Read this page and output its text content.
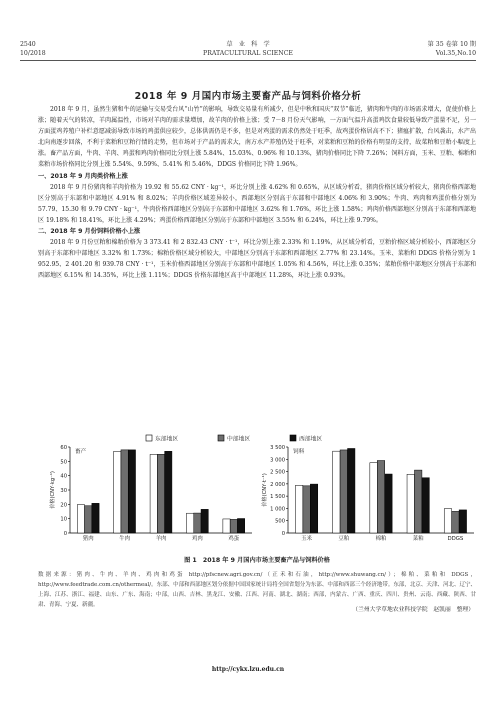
2540
10/2018
草　业　科　学
PRATACULTURAL SCIENCE
第 35 卷第 10 期
Vol.35,No.10
2018 年 9 月国内市场主要畜产品与饲料价格分析

2018 年 9 月，虽然生猪和牛的运输与交易受台风“山竹”的影响，导致交易量有所减少，但是中秋和国庆“双节”临近，猪肉和牛肉的市场需求增大，促使价格上涨；随着天气的转凉，羊肉属温性，市场对羊肉的需求量增加，故羊肉的价格上涨；受 7－8 月份天气影响，一方面气温升高蛋鸡饮食量较低导致产蛋量不足，另一方面蛋鸡养殖户补栏意愿减弱导致市场的鸡蛋供应较少，总体供需仍是不多，但是对鸡蛋的需求仍然处于旺季，故鸡蛋价格居高不下；猪瘟扩散，台风袭击，水产出北向南逐步回落，不利于菜粕和豆粕行情的走势，但市场对于产品的需求大，南方水产养殖仍处于旺季，对菜粕和豆粕的价格有明显的支持，故菜粕和豆粕小幅度上涨。畜产品方面，牛肉、羊肉、鸡蛋和鸡肉价格同比分别上涨 5.84%、15.03%、0.96% 和 10.13%，猪肉价格同比下降 7.26%；饲料方面，玉米、豆粕、棉粕和菜粕市场价格同比分别上涨 5.54%、9.59%、5.41% 和 5.46%，DDGS 价格同比下降 1.96%。

一、2018 年 9 月肉类价格上涨

2018 年 9 月份猪肉和羊肉价格为 19.92 和 55.62 CNY · kg⁻¹，环比分别上涨 4.62% 和 0.65%，从区域分析看，猪肉价格区域分析较大，猪肉价格西部地区分别高于东部和中部地区 4.91% 和 8.02%；羊肉价格区域差异较小，西部地区分别高于东部和中部地区 4.06% 和 3.90%；牛肉、鸡肉和鸡蛋价格分别为 57.79、15.30 和 9.79 CNY · kg⁻¹，牛肉价格西部地区分别高于东部和中部地区 3.62% 和 1.76%，环比上涨 1.58%；鸡肉价格西部地区分别高于东部和西部地区 19.18% 和 18.41%，环比上涨 4.29%；鸡蛋价格西部地区分别高于东部和中部地区 3.55% 和 6.24%，环比上涨 9.79%。

二、2018 年 9 月份饲料价格小上涨

2018 年 9 月份豆粕和棉粕价格为 3 373.41 和 2 832.43 CNY · t⁻¹，环比分别上涨 2.33% 和 1.19%，从区域分析看，豆粕价格区域分析较小，西部地区分别高于东部和中部地区 3.32% 和 1.73%；棉粕价格区域分析较大，中部地区分别高于东部和西部地区 2.77% 和 23.14%。玉米、菜粕和 DDGS 价格分别为 1 952.95、2 401.20 和 939.78 CNY · t⁻¹，玉米价格西部地区分别高于东部和中部地区 1.05% 和 4.56%，环比上涨 0.35%；菜粕价格中部地区分别高于东部和西部地区 6.15% 和 14.35%，环比上涨 1.11%；DDGS 价格东部地区高于中部地区 11.28%，环比上涨 0.93%。

东部地区	中部地区	西部地区
0
10
20
30
40
50
60
畜产
价格(CNY·kg⁻¹)
猪肉	牛肉	羊肉	鸡肉	鸡蛋
0
500
1 000
1 500
2 000
2 500
3 000
3 500
饲料
价格(CNY·t⁻¹)
玉米	豆粕	棉粕	菜粕	DDGS
图 1　2018 年 9 月国内市场主要畜产品与饲料价格
数据来源：猪肉、牛肉、羊肉、鸡肉和鸡蛋 http://pfscnew.agri.gov.cn/（正禾和石油，http://www.shuwang.cn/）；棉粕、菜粕和 DDGS，http://www.feedtrade.com.cn/othermeal/。东部、中部和西部地区划分依据中国国家统计局将全国省划分为东部、中部和西部三个经济地带。东部，北京、天津、河北、辽宁、上海、江苏、浙江、福建、山东、广东、海南；中部，山西、吉林、黑龙江、安徽、江西、河南、湖北、湖南；西部，内蒙古、广西、重庆、四川、贵州、云南、西藏、陕西、甘肃、青海、宁夏、新疆。
（兰州大学草地农业科技学院　赵凯丽　整理）
http://cykx.lzu.edu.cn
